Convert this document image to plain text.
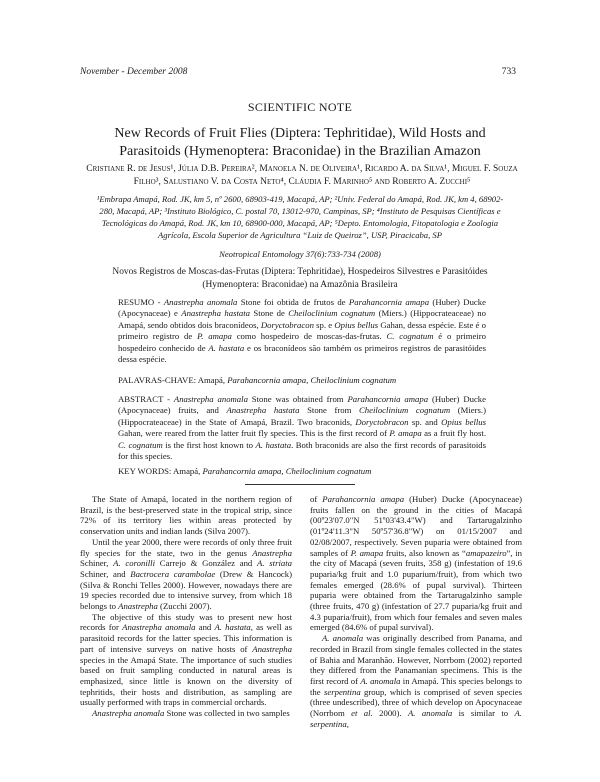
November - December 2008	733
SCIENTIFIC NOTE
New Records of Fruit Flies (Diptera: Tephritidae), Wild Hosts and Parasitoids (Hymenoptera: Braconidae) in the Brazilian Amazon
Cristiane R. de Jesus¹, Júlia D.B. Pereira², Manoela N. de Oliveira¹, Ricardo A. da Silva¹, Miguel F. Souza Filho³, Salustiano V. da Costa Neto⁴, Cláudia F. Marinho⁵ and Roberto A. Zucchi⁵
¹Embrapa Amapá, Rod. JK, km 5, nº 2600, 68903-419, Macapá, AP; ²Univ. Federal do Amapá, Rod. JK, km 4, 68902-280, Macapá, AP; ³Instituto Biológico, C. postal 70, 13012-970, Campinas, SP; ⁴Instituto de Pesquisas Científicas e Tecnológicas do Amapá, Rod. JK, km 10, 68900-000, Macapá, AP; ⁵Depto. Entomologia, Fitopatologia e Zoologia Agrícola, Escola Superior de Agricultura “Luiz de Queiroz”, USP, Piracicaba, SP
Neotropical Entomology 37(6):733-734 (2008)
Novos Registros de Moscas-das-Frutas (Diptera: Tephritidae), Hospedeiros Silvestres e Parasitóides (Hymenoptera: Braconidae) na Amazônia Brasileira
RESUMO - Anastrepha anomala Stone foi obtida de frutos de Parahancornia amapa (Huber) Ducke (Apocynaceae) e Anastrepha hastata Stone de Cheiloclinium cognatum (Miers.) (Hippocrateaceae) no Amapá, sendo obtidos dois braconídeos, Doryctobracon sp. e Opius bellus Gahan, dessa espécie. Este é o primeiro registro de P. amapa como hospedeiro de moscas-das-frutas. C. cognatum é o primeiro hospedeiro conhecido de A. hastata e os braconídeos são também os primeiros registros de parasitóides dessa espécie.
PALAVRAS-CHAVE: Amapá, Parahancornia amapa, Cheiloclinium cognatum
ABSTRACT - Anastrepha anomala Stone was obtained from Parahancornia amapa (Huber) Ducke (Apocynaceae) fruits, and Anastrepha hastata Stone from Cheiloclinium cognatum (Miers.) (Hippocrateaceae) in the State of Amapá, Brazil. Two braconids, Doryctobracon sp. and Opius bellus Gahan, were reared from the latter fruit fly species. This is the first record of P. amapa as a fruit fly host. C. cognatum is the first host known to A. hastata. Both braconids are also the first records of parasitoids for this species.
KEY WORDS: Amapá, Parahancornia amapa, Cheiloclinium cognatum

The State of Amapá, located in the northern region of Brazil, is the best-preserved state in the tropical strip, since 72% of its territory lies within areas protected by conservation units and indian lands (Silva 2007).

Until the year 2000, there were records of only three fruit fly species for the state, two in the genus Anastrepha Schiner, A. coronilli Carrejo & González and A. striata Schiner, and Bactrocera carambolae (Drew & Hancock) (Silva & Ronchi Telles 2000). However, nowadays there are 19 species recorded due to intensive survey, from which 18 belongs to Anastrepha (Zucchi 2007).

The objective of this study was to present new host records for Anastrepha anomala and A. hastata, as well as parasitoid records for the latter species. This information is part of intensive surveys on native hosts of Anastrepha species in the Amapá State. The importance of such studies based on fruit sampling conducted in natural areas is emphasized, since little is known on the diversity of tephritids, their hosts and distribution, as sampling are usually performed with traps in commercial orchards.

Anastrepha anomala Stone was collected in two samples

of Parahancornia amapa (Huber) Ducke (Apocynaceae) fruits fallen on the ground in the cities of Macapá (00º23'07.0"N 51º03'43.4"W) and Tartarugalzinho (01º24'11.3"N 50º57'36.8"W) on 01/15/2007 and 02/08/2007, respectively. Seven puparia were obtained from samples of P. amapa fruits, also known as “amapazeiro”, in the city of Macapá (seven fruits, 358 g) (infestation of 19.6 puparia/kg fruit and 1.0 puparium/fruit), from which two females emerged (28.6% of pupal survival). Thirteen puparia were obtained from the Tartarugalzinho sample (three fruits, 470 g) (infestation of 27.7 puparia/kg fruit and 4.3 puparia/fruit), from which four females and seven males emerged (84.6% of pupal survival).

A. anomala was originally described from Panama, and recorded in Brazil from single females collected in the states of Bahia and Maranhão. However, Norrbom (2002) reported they differed from the Panamanian specimens. This is the first record of A. anomala in Amapá. This species belongs to the serpentina group, which is comprised of seven species (three undescribed), three of which develop on Apocynaceae (Norrbom et al. 2000). A. anomala is similar to A. serpentina,
